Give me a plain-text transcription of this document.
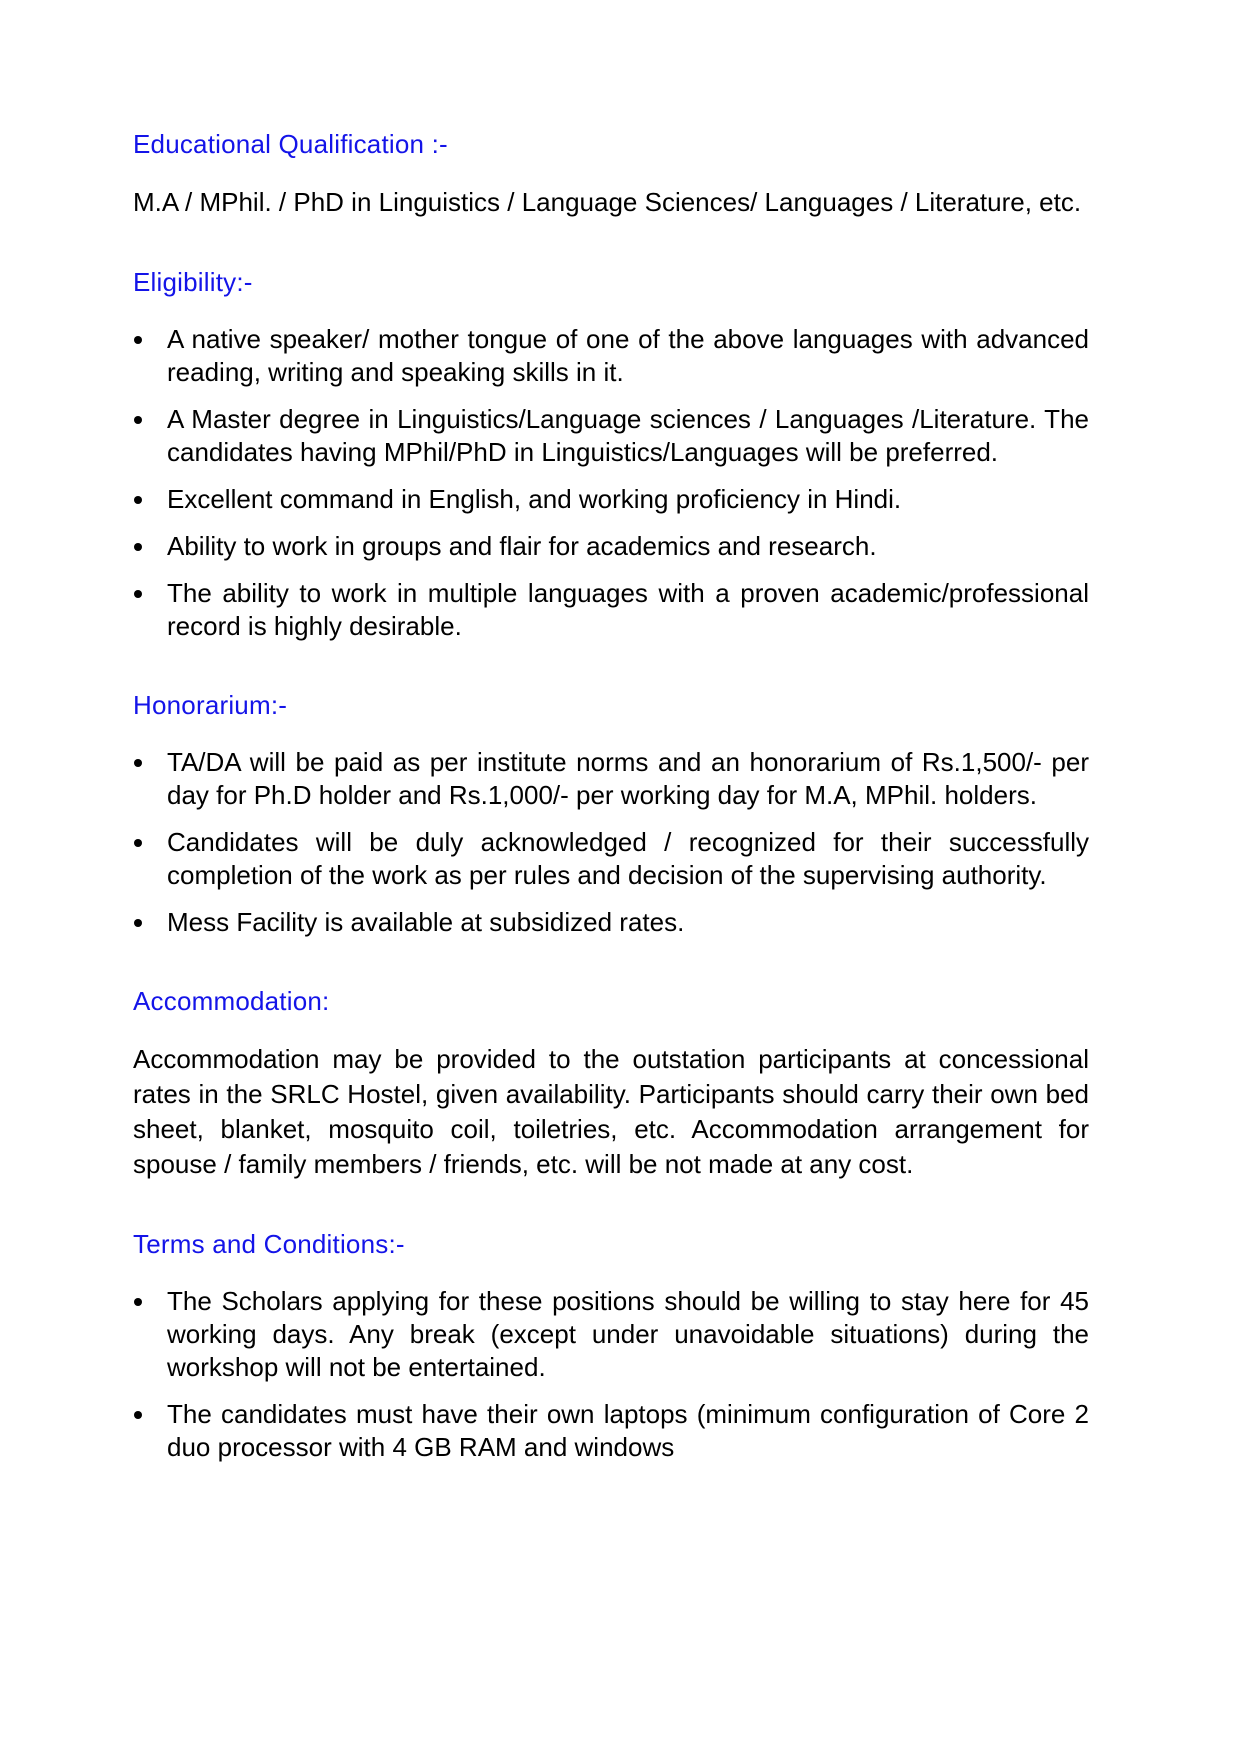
Educational Qualification :-

M.A / MPhil. / PhD in Linguistics / Language Sciences/ Languages / Literature, etc.

Eligibility:-
A native speaker/ mother tongue of one of the above languages with advanced reading, writing and speaking skills in it.
A Master degree in Linguistics/Language sciences / Languages /Literature. The candidates having MPhil/PhD in Linguistics/Languages will be preferred.
Excellent command in English, and working proficiency in Hindi.
Ability to work in groups and flair for academics and research.
The ability to work in multiple languages with a proven academic/professional record is highly desirable.
Honorarium:-
TA/DA will be paid as per institute norms and an honorarium of Rs.1,500/- per day for Ph.D holder and Rs.1,000/- per working day for M.A, MPhil. holders.
Candidates will be duly acknowledged / recognized for their successfully completion of the work as per rules and decision of the supervising authority.
Mess Facility is available at subsidized rates.
Accommodation:

Accommodation may be provided to the outstation participants at concessional rates in the SRLC Hostel, given availability. Participants should carry their own bed sheet, blanket, mosquito coil, toiletries, etc. Accommodation arrangement for spouse / family members / friends, etc. will be not made at any cost.

Terms and Conditions:-
The Scholars applying for these positions should be willing to stay here for 45 working days. Any break (except under unavoidable situations) during the workshop will not be entertained.
The candidates must have their own laptops (minimum configuration of Core 2 duo processor with 4 GB RAM and windows
